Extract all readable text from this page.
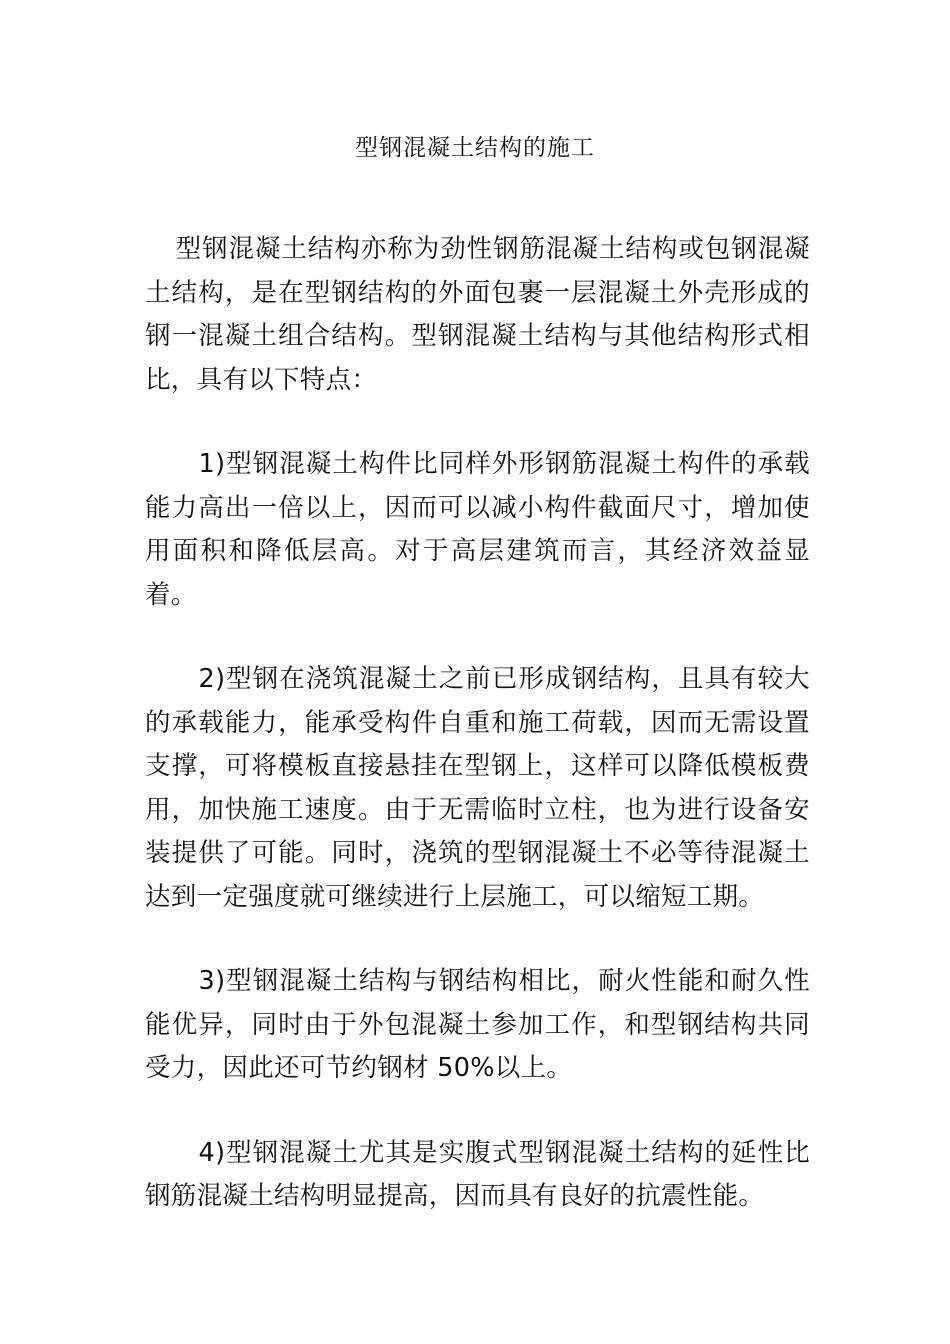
型钢混凝土结构的施工

型钢混凝土结构亦称为劲性钢筋混凝土结构或包钢混凝土结构，是在型钢结构的外面包裹一层混凝土外壳形成的钢一混凝土组合结构。型钢混凝土结构与其他结构形式相比，具有以下特点：

1)型钢混凝土构件比同样外形钢筋混凝土构件的承载能力高出一倍以上，因而可以减小构件截面尺寸，增加使用面积和降低层高。对于高层建筑而言，其经济效益显着。

2)型钢在浇筑混凝土之前已形成钢结构，且具有较大的承载能力，能承受构件自重和施工荷载，因而无需设置支撑，可将模板直接悬挂在型钢上，这样可以降低模板费用，加快施工速度。由于无需临时立柱，也为进行设备安装提供了可能。同时，浇筑的型钢混凝土不必等待混凝土达到一定强度就可继续进行上层施工，可以缩短工期。

3)型钢混凝土结构与钢结构相比，耐火性能和耐久性能优异，同时由于外包混凝土参加工作，和型钢结构共同受力，因此还可节约钢材 50%以上。

4)型钢混凝土尤其是实腹式型钢混凝土结构的延性比钢筋混凝土结构明显提高，因而具有良好的抗震性能。
